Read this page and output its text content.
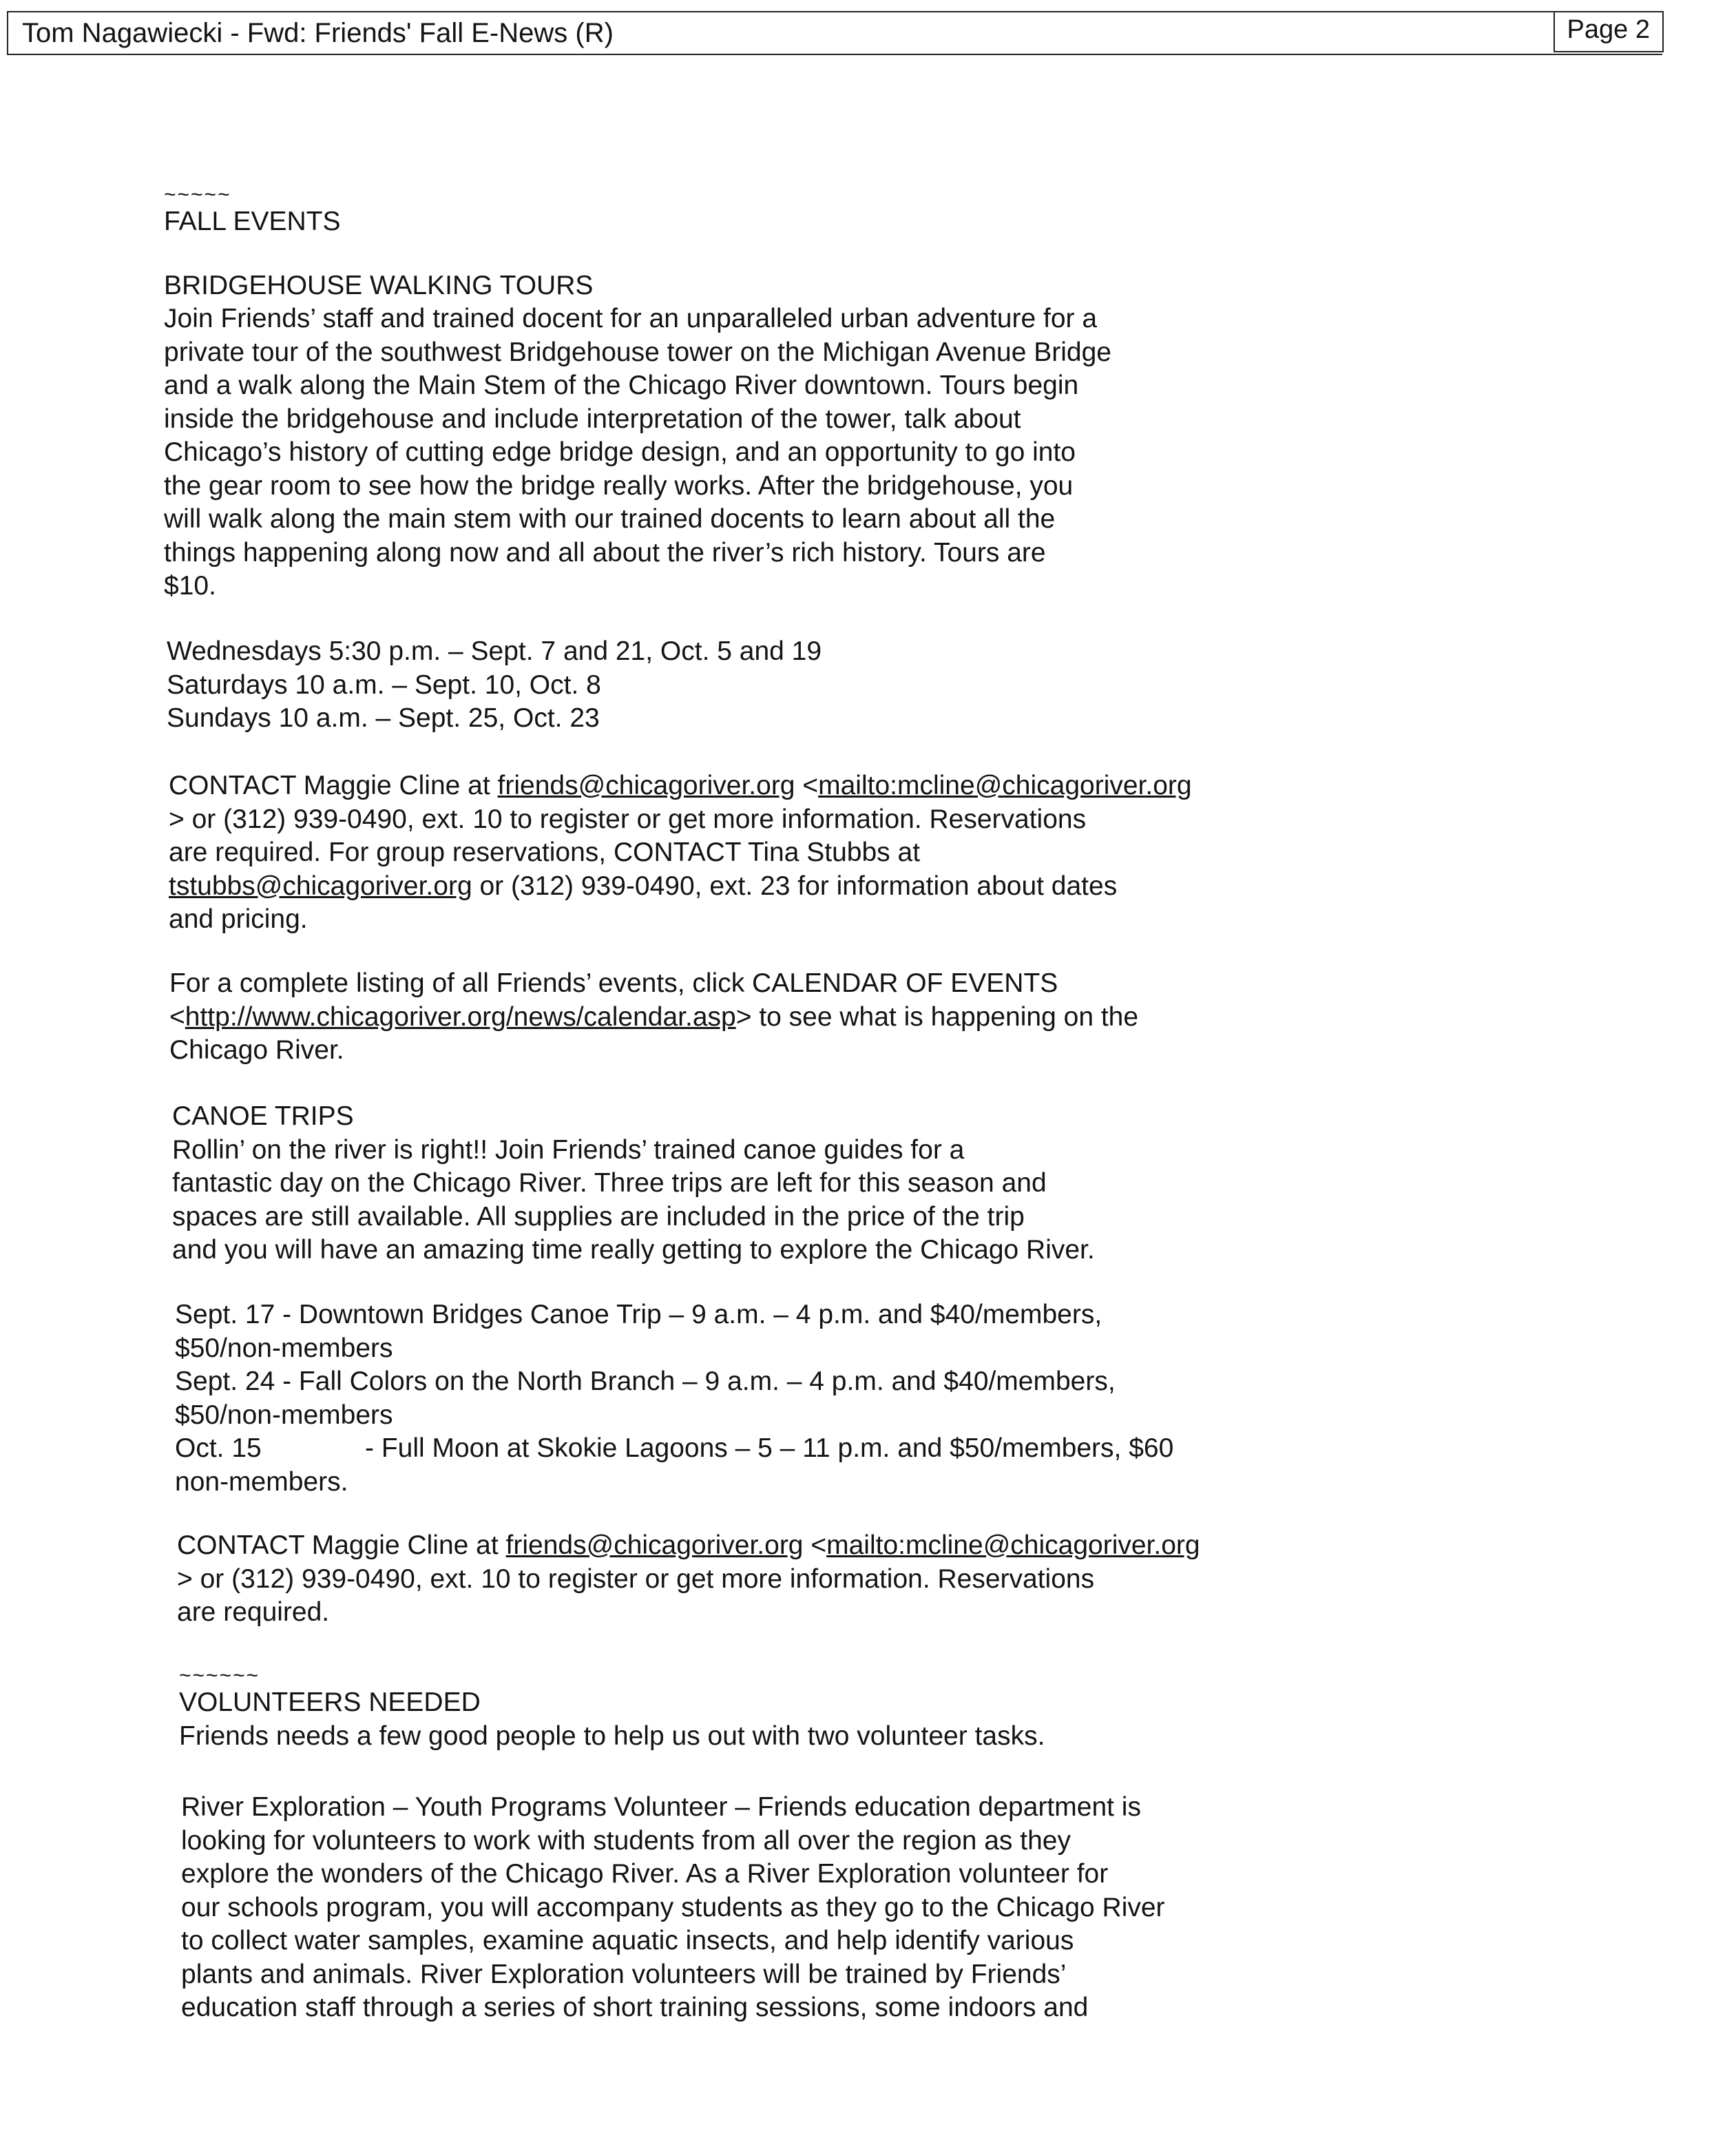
Tom Nagawiecki - Fwd: Friends' Fall E-News (R)	Page 2
~~~~~
FALL EVENTS
BRIDGEHOUSE WALKING TOURS
Join Friends’ staff and trained docent for an unparalleled urban adventure for a
private tour of the southwest Bridgehouse tower on the Michigan Avenue Bridge
and a walk along the Main Stem of the Chicago River downtown. Tours begin
inside the bridgehouse and include interpretation of the tower, talk about
Chicago’s history of cutting edge bridge design, and an opportunity to go into
the gear room to see how the bridge really works. After the bridgehouse, you
will walk along the main stem with our trained docents to learn about all the
things happening along now and all about the river’s rich history. Tours are
$10.
Wednesdays 5:30 p.m. – Sept. 7 and 21, Oct. 5 and 19
Saturdays 10 a.m. – Sept. 10, Oct. 8
Sundays 10 a.m. – Sept. 25, Oct. 23
CONTACT Maggie Cline at friends@chicagoriver.org <mailto:mcline@chicagoriver.org
> or (312) 939-0490, ext. 10 to register or get more information. Reservations
are required. For group reservations, CONTACT Tina Stubbs at
tstubbs@chicagoriver.org or (312) 939-0490, ext. 23 for information about dates
and pricing.
For a complete listing of all Friends’ events, click CALENDAR OF EVENTS
<http://www.chicagoriver.org/news/calendar.asp> to see what is happening on the
Chicago River.
CANOE TRIPS
Rollin’ on the river is right!! Join Friends’ trained canoe guides for a
fantastic day on the Chicago River. Three trips are left for this season and
spaces are still available. All supplies are included in the price of the trip
and you will have an amazing time really getting to explore the Chicago River.
Sept. 17 - Downtown Bridges Canoe Trip – 9 a.m. – 4 p.m. and $40/members,
$50/non-members
Sept. 24 - Fall Colors on the North Branch – 9 a.m. – 4 p.m. and $40/members,
$50/non-members
Oct. 15	- Full Moon at Skokie Lagoons – 5 – 11 p.m. and $50/members, $60
non-members.
CONTACT Maggie Cline at friends@chicagoriver.org <mailto:mcline@chicagoriver.org
> or (312) 939-0490, ext. 10 to register or get more information. Reservations
are required.
~~~~~~
VOLUNTEERS NEEDED
Friends needs a few good people to help us out with two volunteer tasks.
River Exploration – Youth Programs Volunteer – Friends education department is
looking for volunteers to work with students from all over the region as they
explore the wonders of the Chicago River. As a River Exploration volunteer for
our schools program, you will accompany students as they go to the Chicago River
to collect water samples, examine aquatic insects, and help identify various
plants and animals. River Exploration volunteers will be trained by Friends’
education staff through a series of short training sessions, some indoors and
